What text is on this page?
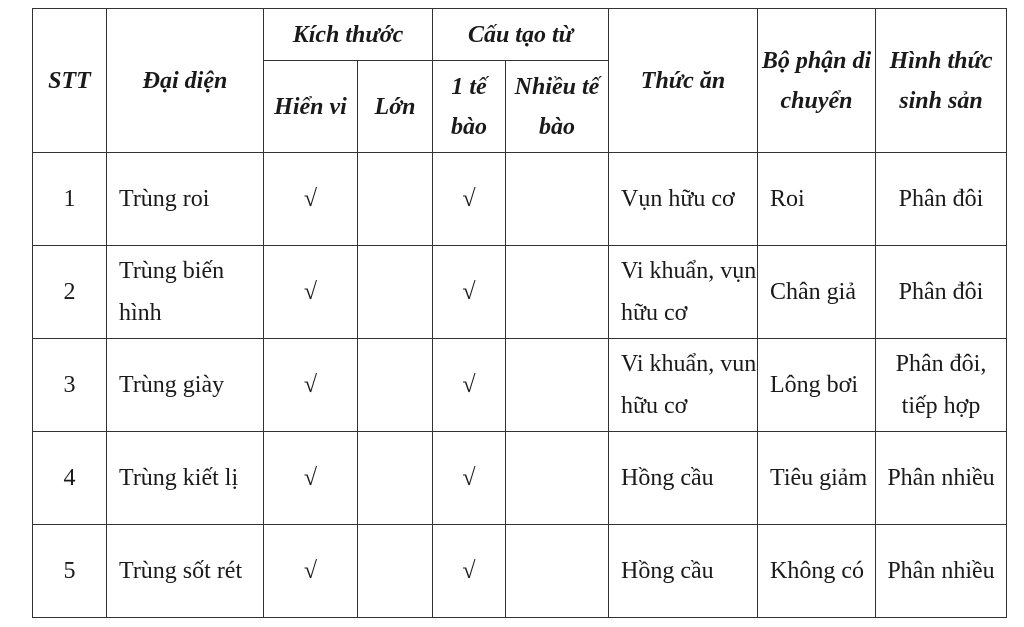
STT	Đại diện	Kích thước		Cấu tạo từ		Thức ăn	Bộ phận di chuyển	Hình thức sinh sản
		Hiển vi	Lớn	1 tế bào	Nhiều tế bào			
1	Trùng roi	√		√		Vụn hữu cơ	Roi	Phân đôi
2	Trùng biến hình	√		√		Vi khuẩn, vụn hữu cơ	Chân giả	Phân đôi
3	Trùng giày	√		√		Vi khuẩn, vun hữu cơ	Lông bơi	Phân đôi, tiếp hợp
4	Trùng kiết lị	√		√		Hồng cầu	Tiêu giảm	Phân nhiều
5	Trùng sốt rét	√		√		Hồng cầu	Không có	Phân nhiều
